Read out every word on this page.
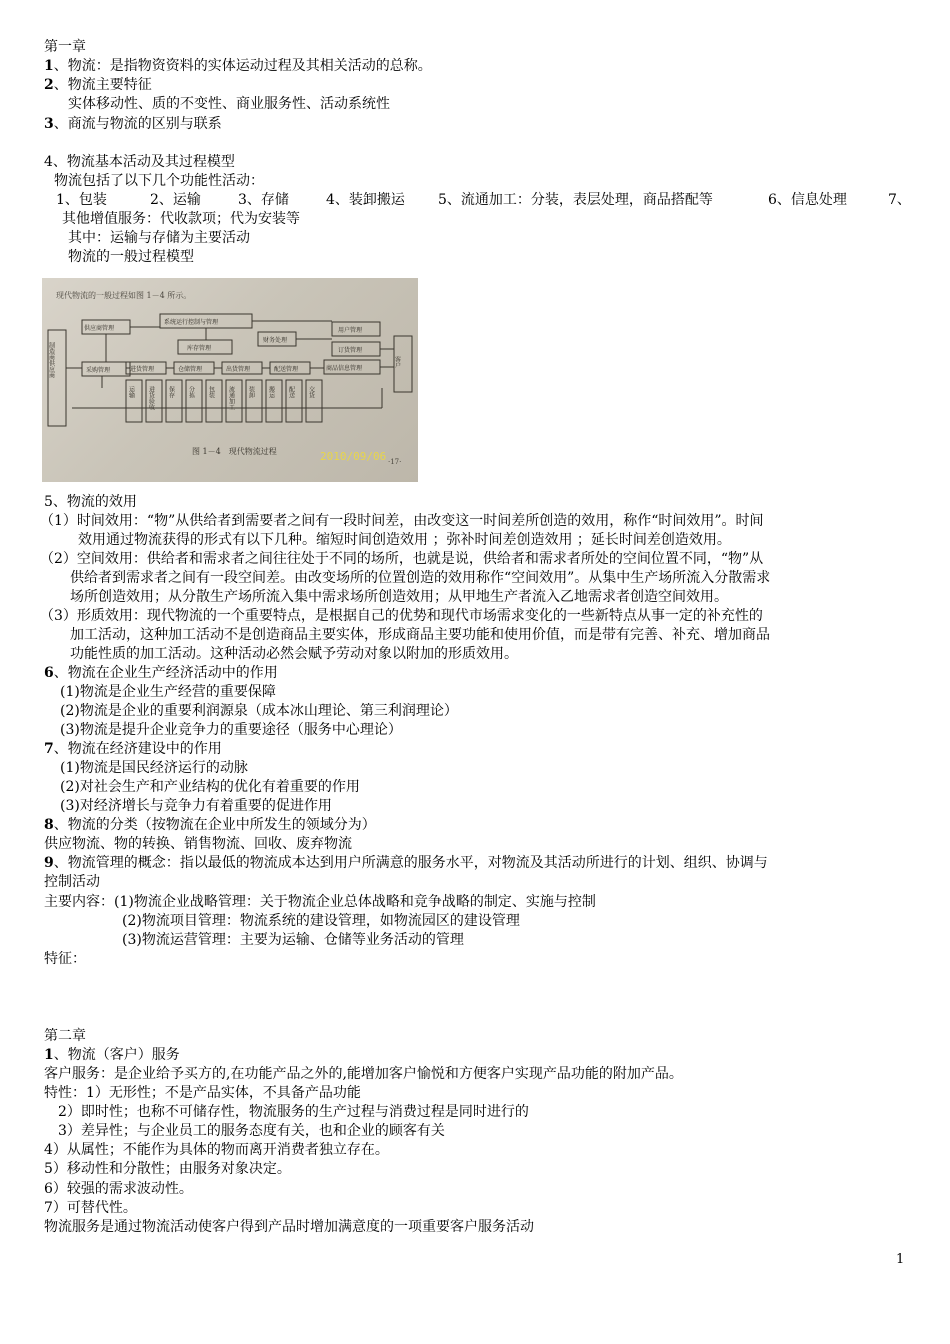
第一章
1、物流：是指物资资料的实体运动过程及其相关活动的总称。
2、物流主要特征
实体移动性、质的不变性、商业服务性、活动系统性
3、商流与物流的区别与联系
4、物流基本活动及其过程模型
物流包括了以下几个功能性活动：
1、包装	2、运输	3、存储	4、装卸搬运 5、流通加工：分装，表层处理，商品搭配等	6、信息处理	7、
其他增值服务：代收款项；代为安装等
其中：运输与存储为主要活动
物流的一般过程模型
现代物流的一般过程如图 1－4 所示。
供应商管理
采购管理
系统运行控制与管理
库存管理
财务处理
用户管理
订货管理
商品信息管理
进货管理	仓储管理	出货管理	配送管理
制造商供应商	客户
运输 进货验收 保存 分拣 包装 流通加工 装卸 搬运 配送 交货
图 1－4　现代物流过程	2010/09/06 ·17·
5、物流的效用
（1）时间效用：“物”从供给者到需要者之间有一段时间差，由改变这一时间差所创造的效用，称作“时间效用”。时间
效用通过物流获得的形式有以下几种。缩短时间创造效用 ；弥补时间差创造效用 ；延长时间差创造效用。
（2）空间效用：供给者和需求者之间往往处于不同的场所，也就是说，供给者和需求者所处的空间位置不同，“物”从
供给者到需求者之间有一段空间差。由改变场所的位置创造的效用称作“空间效用”。从集中生产场所流入分散需求
场所创造效用；从分散生产场所流入集中需求场所创造效用；从甲地生产者流入乙地需求者创造空间效用。
（3）形质效用：现代物流的一个重要特点，是根据自己的优势和现代市场需求变化的一些新特点从事一定的补充性的
加工活动，这种加工活动不是创造商品主要实体，形成商品主要功能和使用价值，而是带有完善、补充、增加商品
功能性质的加工活动。这种活动必然会赋予劳动对象以附加的形质效用。
6、物流在企业生产经济活动中的作用
(1)物流是企业生产经营的重要保障
(2)物流是企业的重要利润源泉（成本冰山理论、第三利润理论）
(3)物流是提升企业竞争力的重要途径（服务中心理论）
7、物流在经济建设中的作用
(1)物流是国民经济运行的动脉
(2)对社会生产和产业结构的优化有着重要的作用
(3)对经济增长与竞争力有着重要的促进作用
8、物流的分类（按物流在企业中所发生的领域分为）
供应物流、物的转换、销售物流、回收、废弃物流
9、物流管理的概念：指以最低的物流成本达到用户所满意的服务水平，对物流及其活动所进行的计划、组织、协调与
控制活动
主要内容：(1)物流企业战略管理：关于物流企业总体战略和竞争战略的制定、实施与控制
(2)物流项目管理：物流系统的建设管理，如物流园区的建设管理
(3)物流运营管理：主要为运输、仓储等业务活动的管理
特征：
第二章
1、物流（客户）服务
客户服务：是企业给予买方的,在功能产品之外的,能增加客户愉悦和方便客户实现产品功能的附加产品。
特性：1）无形性；不是产品实体，不具备产品功能
2）即时性；也称不可储存性，物流服务的生产过程与消费过程是同时进行的
3）差异性；与企业员工的服务态度有关，也和企业的顾客有关
4）从属性；不能作为具体的物而离开消费者独立存在。
5）移动性和分散性；由服务对象决定。
6）较强的需求波动性。
7）可替代性。
物流服务是通过物流活动使客户得到产品时增加满意度的一项重要客户服务活动
1
